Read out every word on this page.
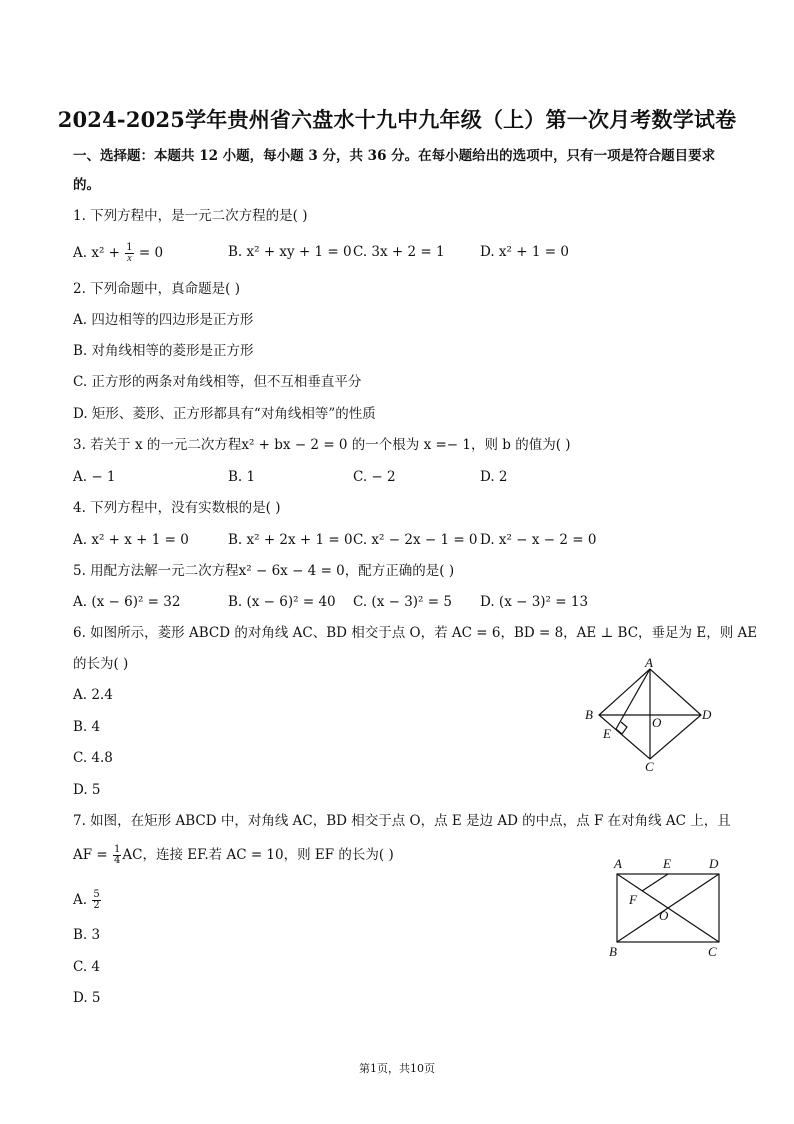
2024-2025学年贵州省六盘水十九中九年级（上）第一次月考数学试卷
一、选择题：本题共 12 小题，每小题 3 分，共 36 分。在每小题给出的选项中，只有一项是符合题目要求
的。
1. 下列方程中，是一元二次方程的是( )
A. $x^2 + \frac{1}{x} = 0$	B. x² + xy + 1 = 0 C. 3x + 2 = 1	D. x² + 1 = 0
2. 下列命题中，真命题是( )
A. 四边相等的四边形是正方形
B. 对角线相等的菱形是正方形
C. 正方形的两条对角线相等，但不互相垂直平分
D. 矩形、菱形、正方形都具有“对角线相等”的性质
3. 若关于 x 的一元二次方程x² + bx − 2 = 0 的一个根为 x =− 1，则 b 的值为( )
A. − 1	B. 1	C. − 2	D. 2
4. 下列方程中，没有实数根的是( )
A. x² + x + 1 = 0	B. x² + 2x + 1 = 0 C. x² − 2x − 1 = 0 D. x² − x − 2 = 0
5. 用配方法解一元二次方程x² − 6x − 4 = 0，配方正确的是( )
A. (x − 6)² = 32	B. (x − 6)² = 40 C. (x − 3)² = 5 D. (x − 3)² = 13
6. 如图所示，菱形 ABCD 的对角线 AC、BD 相交于点 O，若 AC = 6，BD = 8，AE ⊥ BC，垂足为 E，则 AE
的长为( )
A. 2.4
B. 4
C. 4.8
D. 5
A
B
C
D
E
O
7. 如图，在矩形 ABCD 中，对角线 AC，BD 相交于点 O，点 E 是边 AD 的中点，点 F 在对角线 AC 上，且
AF = $\frac{1}{4}$ AC，连接 EF.若 AC = 10，则 EF 的长为( )
A. $\frac{5}{2}$
B. 3
C. 4
D. 5
A	E	D
F
O
B	C
第1页，共10页
